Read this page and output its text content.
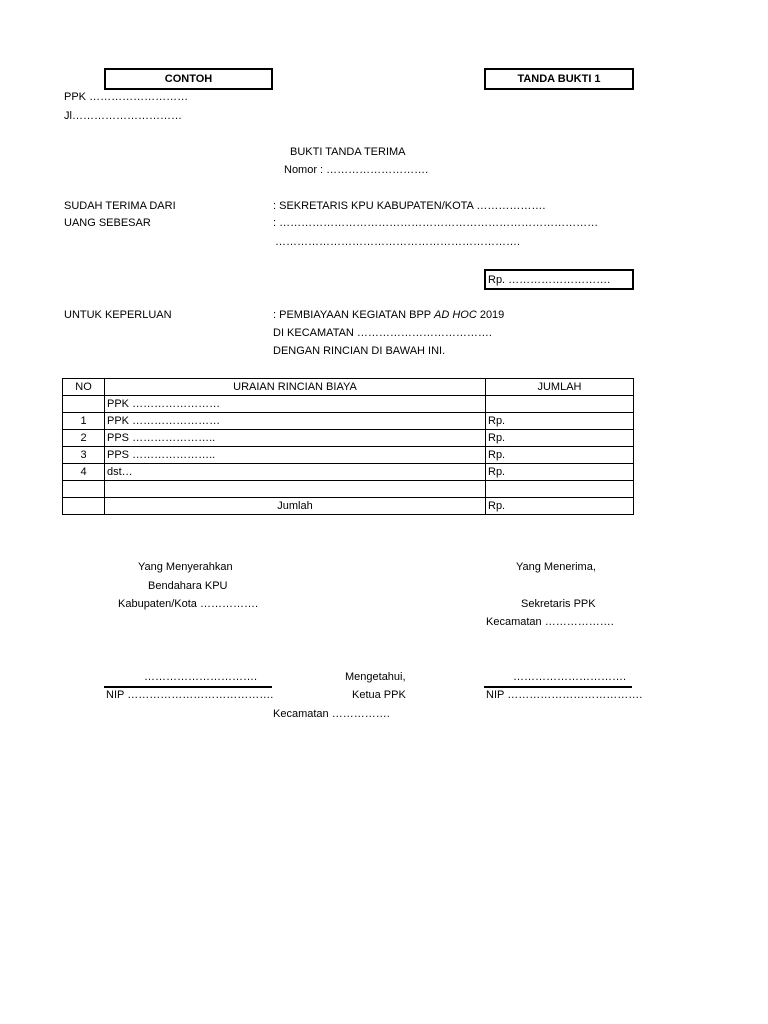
CONTOH	TANDA BUKTI 1
PPK ………………………
Jl…………………………
BUKTI TANDA TERIMA
Nomor : ……………………….
SUDAH TERIMA DARI	: SEKRETARIS KPU KABUPATEN/KOTA ……………….
UANG SEBESAR	: ……………………………………………………………………………
………………………………………………………….
Rp. ……………………….
UNTUK KEPERLUAN	: PEMBIAYAAN KEGIATAN BPP AD HOC 2019
DI KECAMATAN ……………………………….
DENGAN RINCIAN DI BAWAH INI.
NO	URAIAN RINCIAN BIAYA	JUMLAH
	PPK ……………………	
1	PPK ……………………	Rp.
2	PPS …………………..	Rp.
3	PPS …………………..	Rp.
4	dst…	Rp.

	Jumlah	Rp.
Yang Menyerahkan
Bendahara KPU
Kabupaten/Kota …………….
………………………….
NIP ………………………………….
Yang Menerima,
Sekretaris PPK
Kecamatan ……………….
………………………….
NIP ……………………………….
Mengetahui,
Ketua PPK
Kecamatan …………….
